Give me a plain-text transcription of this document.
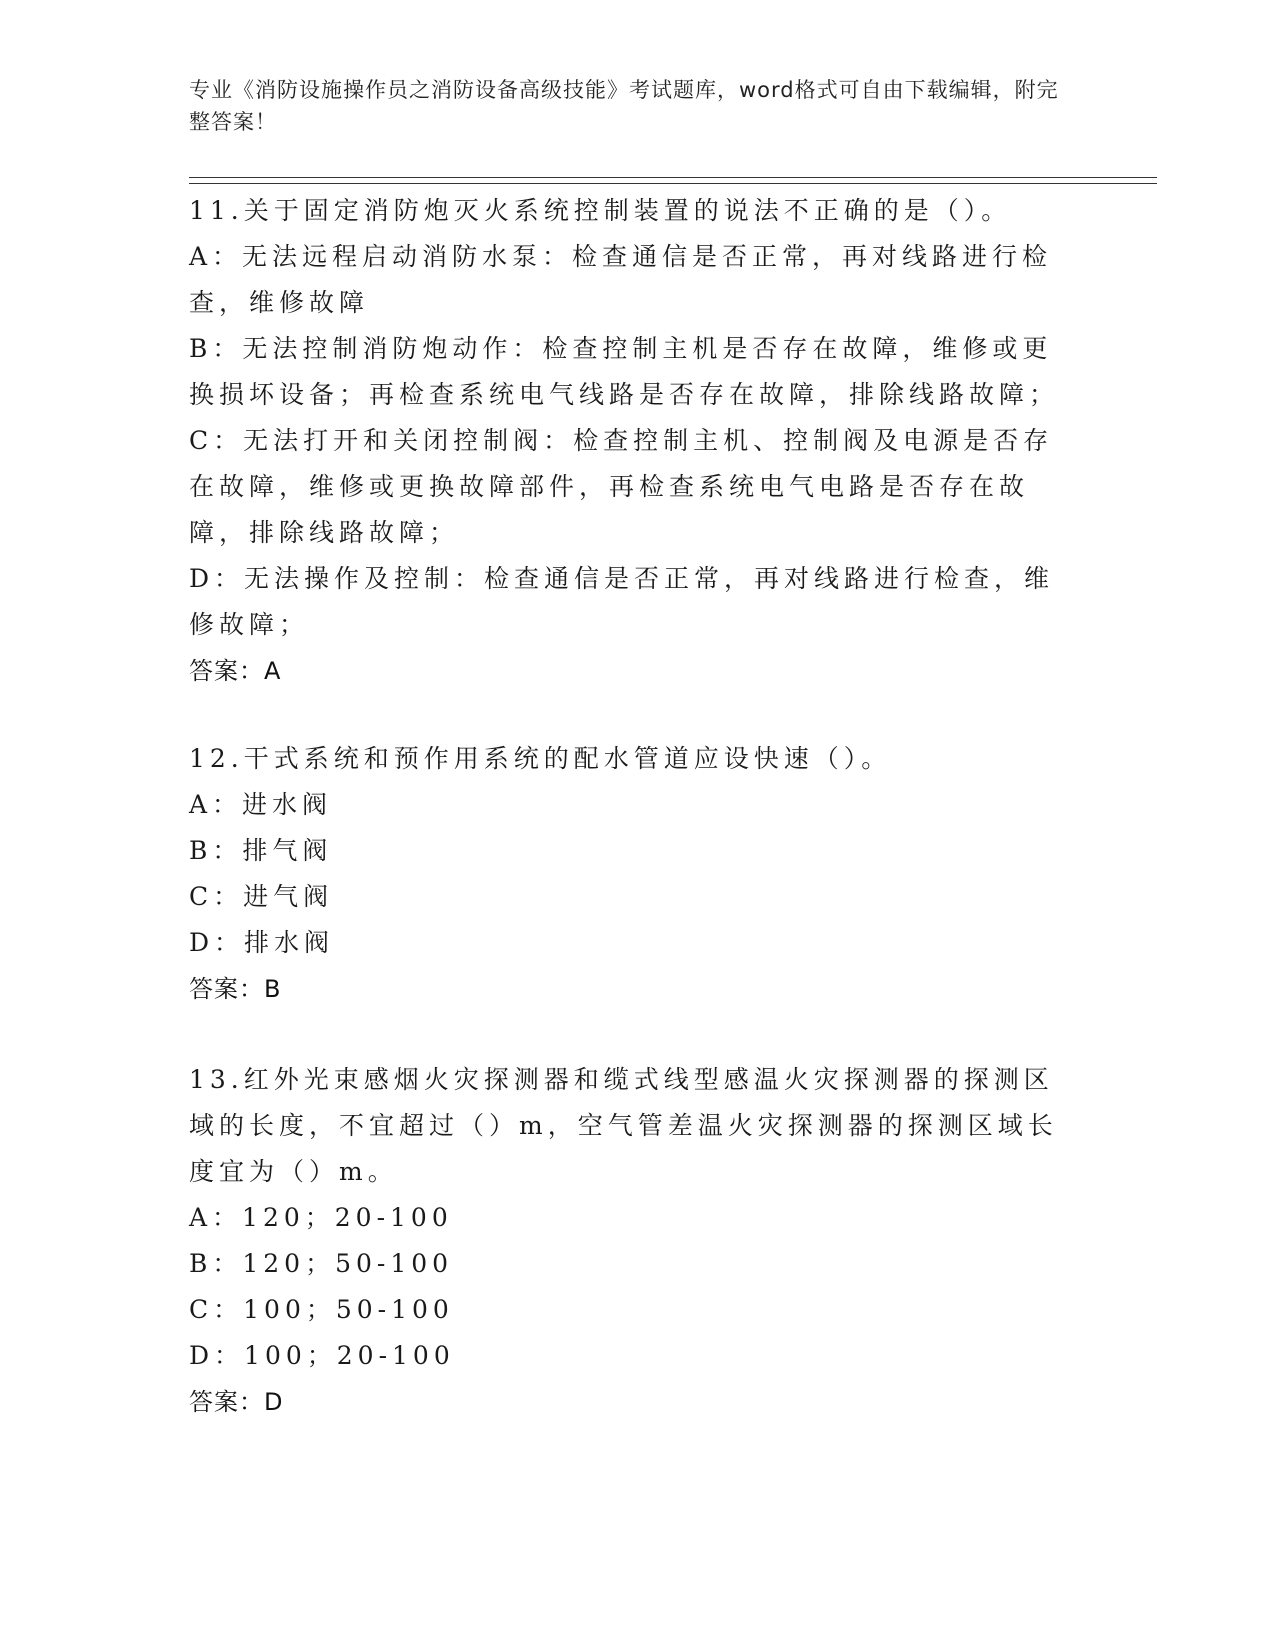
专业《消防设施操作员之消防设备高级技能》考试题库，word格式可自由下载编辑，附完整答案！

11.关于固定消防炮灭火系统控制装置的说法不正确的是（）。

A：无法远程启动消防水泵：检查通信是否正常，再对线路进行检查，维修故障

B：无法控制消防炮动作：检查控制主机是否存在故障，维修或更换损坏设备；再检查系统电气线路是否存在故障，排除线路故障；

C：无法打开和关闭控制阀：检查控制主机、控制阀及电源是否存在故障，维修或更换故障部件，再检查系统电气电路是否存在故障，排除线路故障；

D：无法操作及控制：检查通信是否正常，再对线路进行检查，维修故障；

答案：A

12.干式系统和预作用系统的配水管道应设快速（）。

A：进水阀

B：排气阀

C：进气阀

D：排水阀

答案：B

13.红外光束感烟火灾探测器和缆式线型感温火灾探测器的探测区域的长度，不宜超过（）m，空气管差温火灾探测器的探测区域长度宜为（）m。

A：120；20-100

B：120；50-100

C：100；50-100

D：100；20-100

答案：D
